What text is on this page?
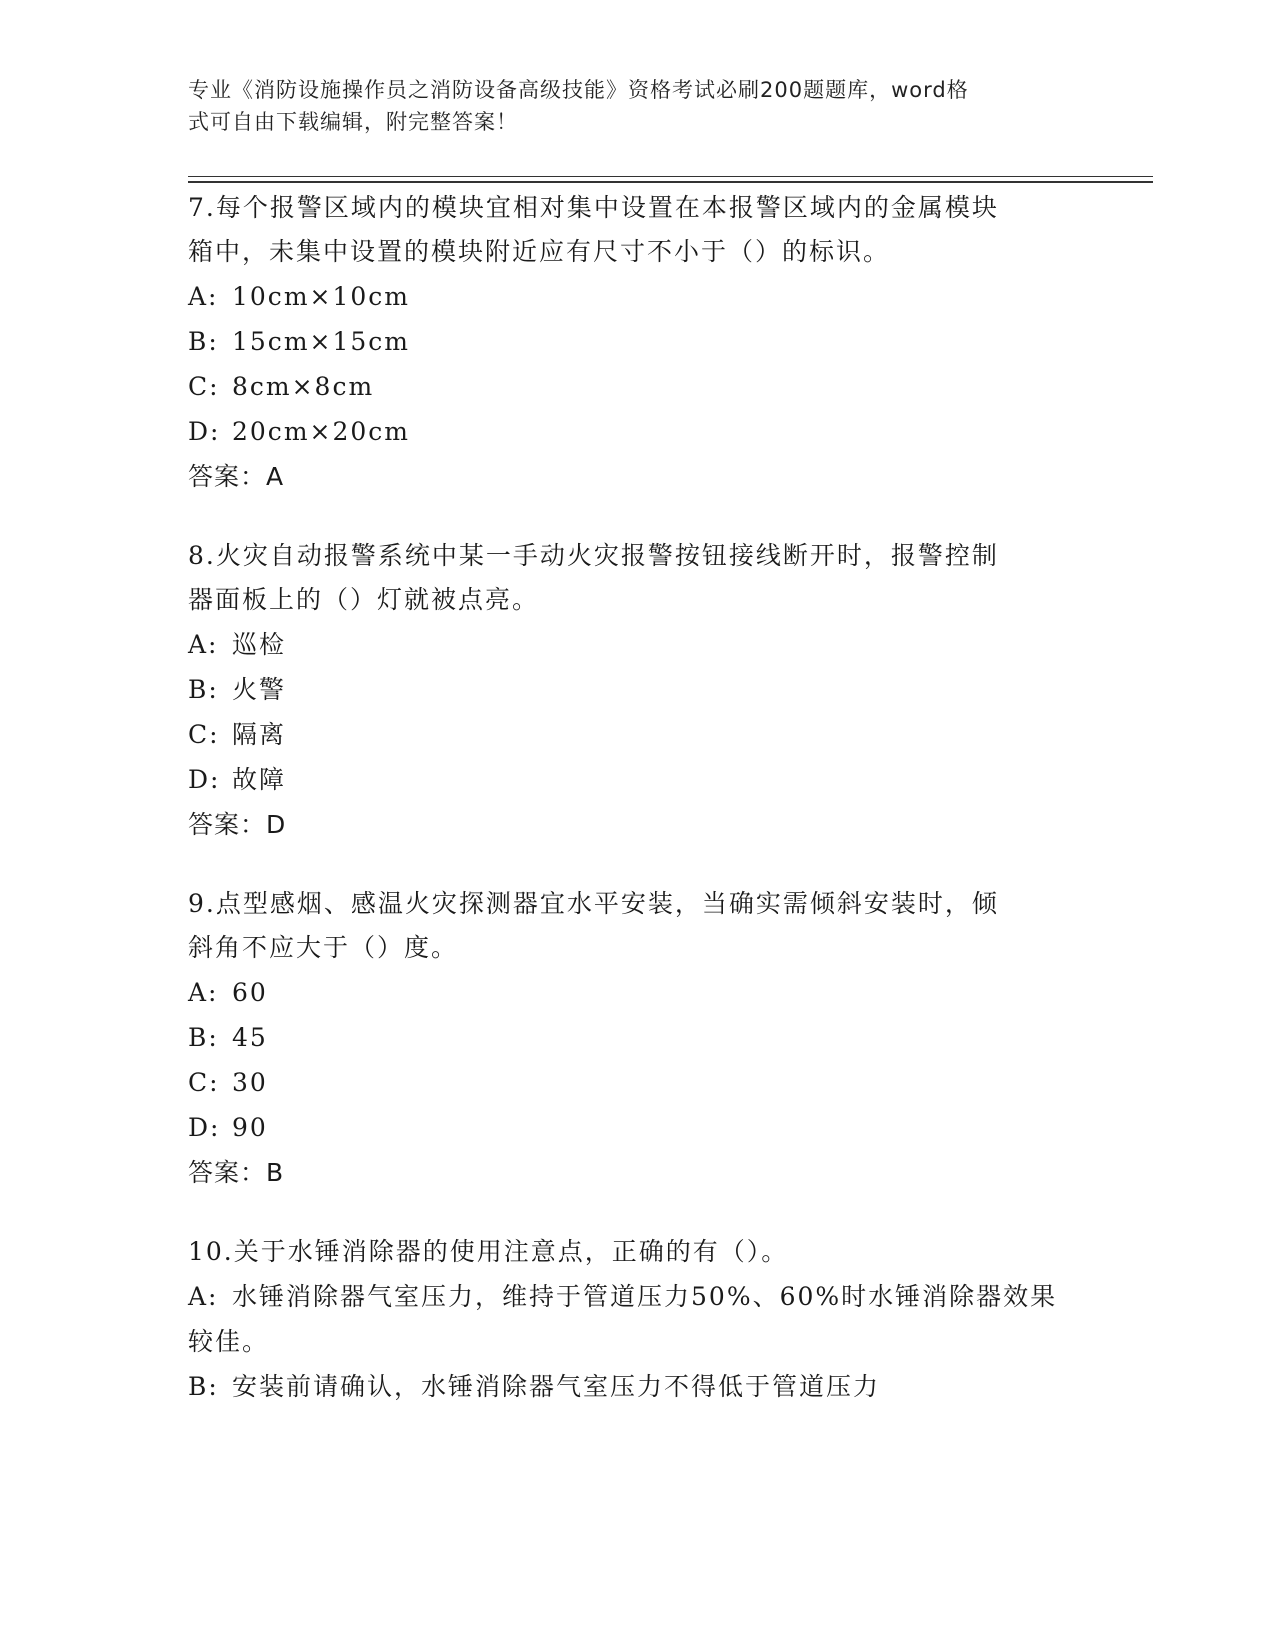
专业《消防设施操作员之消防设备高级技能》资格考试必刷200题题库，word格
式可自由下载编辑，附完整答案！

7.每个报警区域内的模块宜相对集中设置在本报警区域内的金属模块

箱中，未集中设置的模块附近应有尺寸不小于（）的标识。

A: 10cm×10cm

B: 15cm×15cm

C: 8cm×8cm

D: 20cm×20cm

答案：A

8.火灾自动报警系统中某一手动火灾报警按钮接线断开时，报警控制

器面板上的（）灯就被点亮。

A: 巡检

B: 火警

C: 隔离

D: 故障

答案：D

9.点型感烟、感温火灾探测器宜水平安装，当确实需倾斜安装时，倾

斜角不应大于（）度。

A: 60

B: 45

C: 30

D: 90

答案：B

10.关于水锤消除器的使用注意点，正确的有（）。

A: 水锤消除器气室压力，维持于管道压力50%、60%时水锤消除器效果

较佳。

B: 安装前请确认，水锤消除器气室压力不得低于管道压力
